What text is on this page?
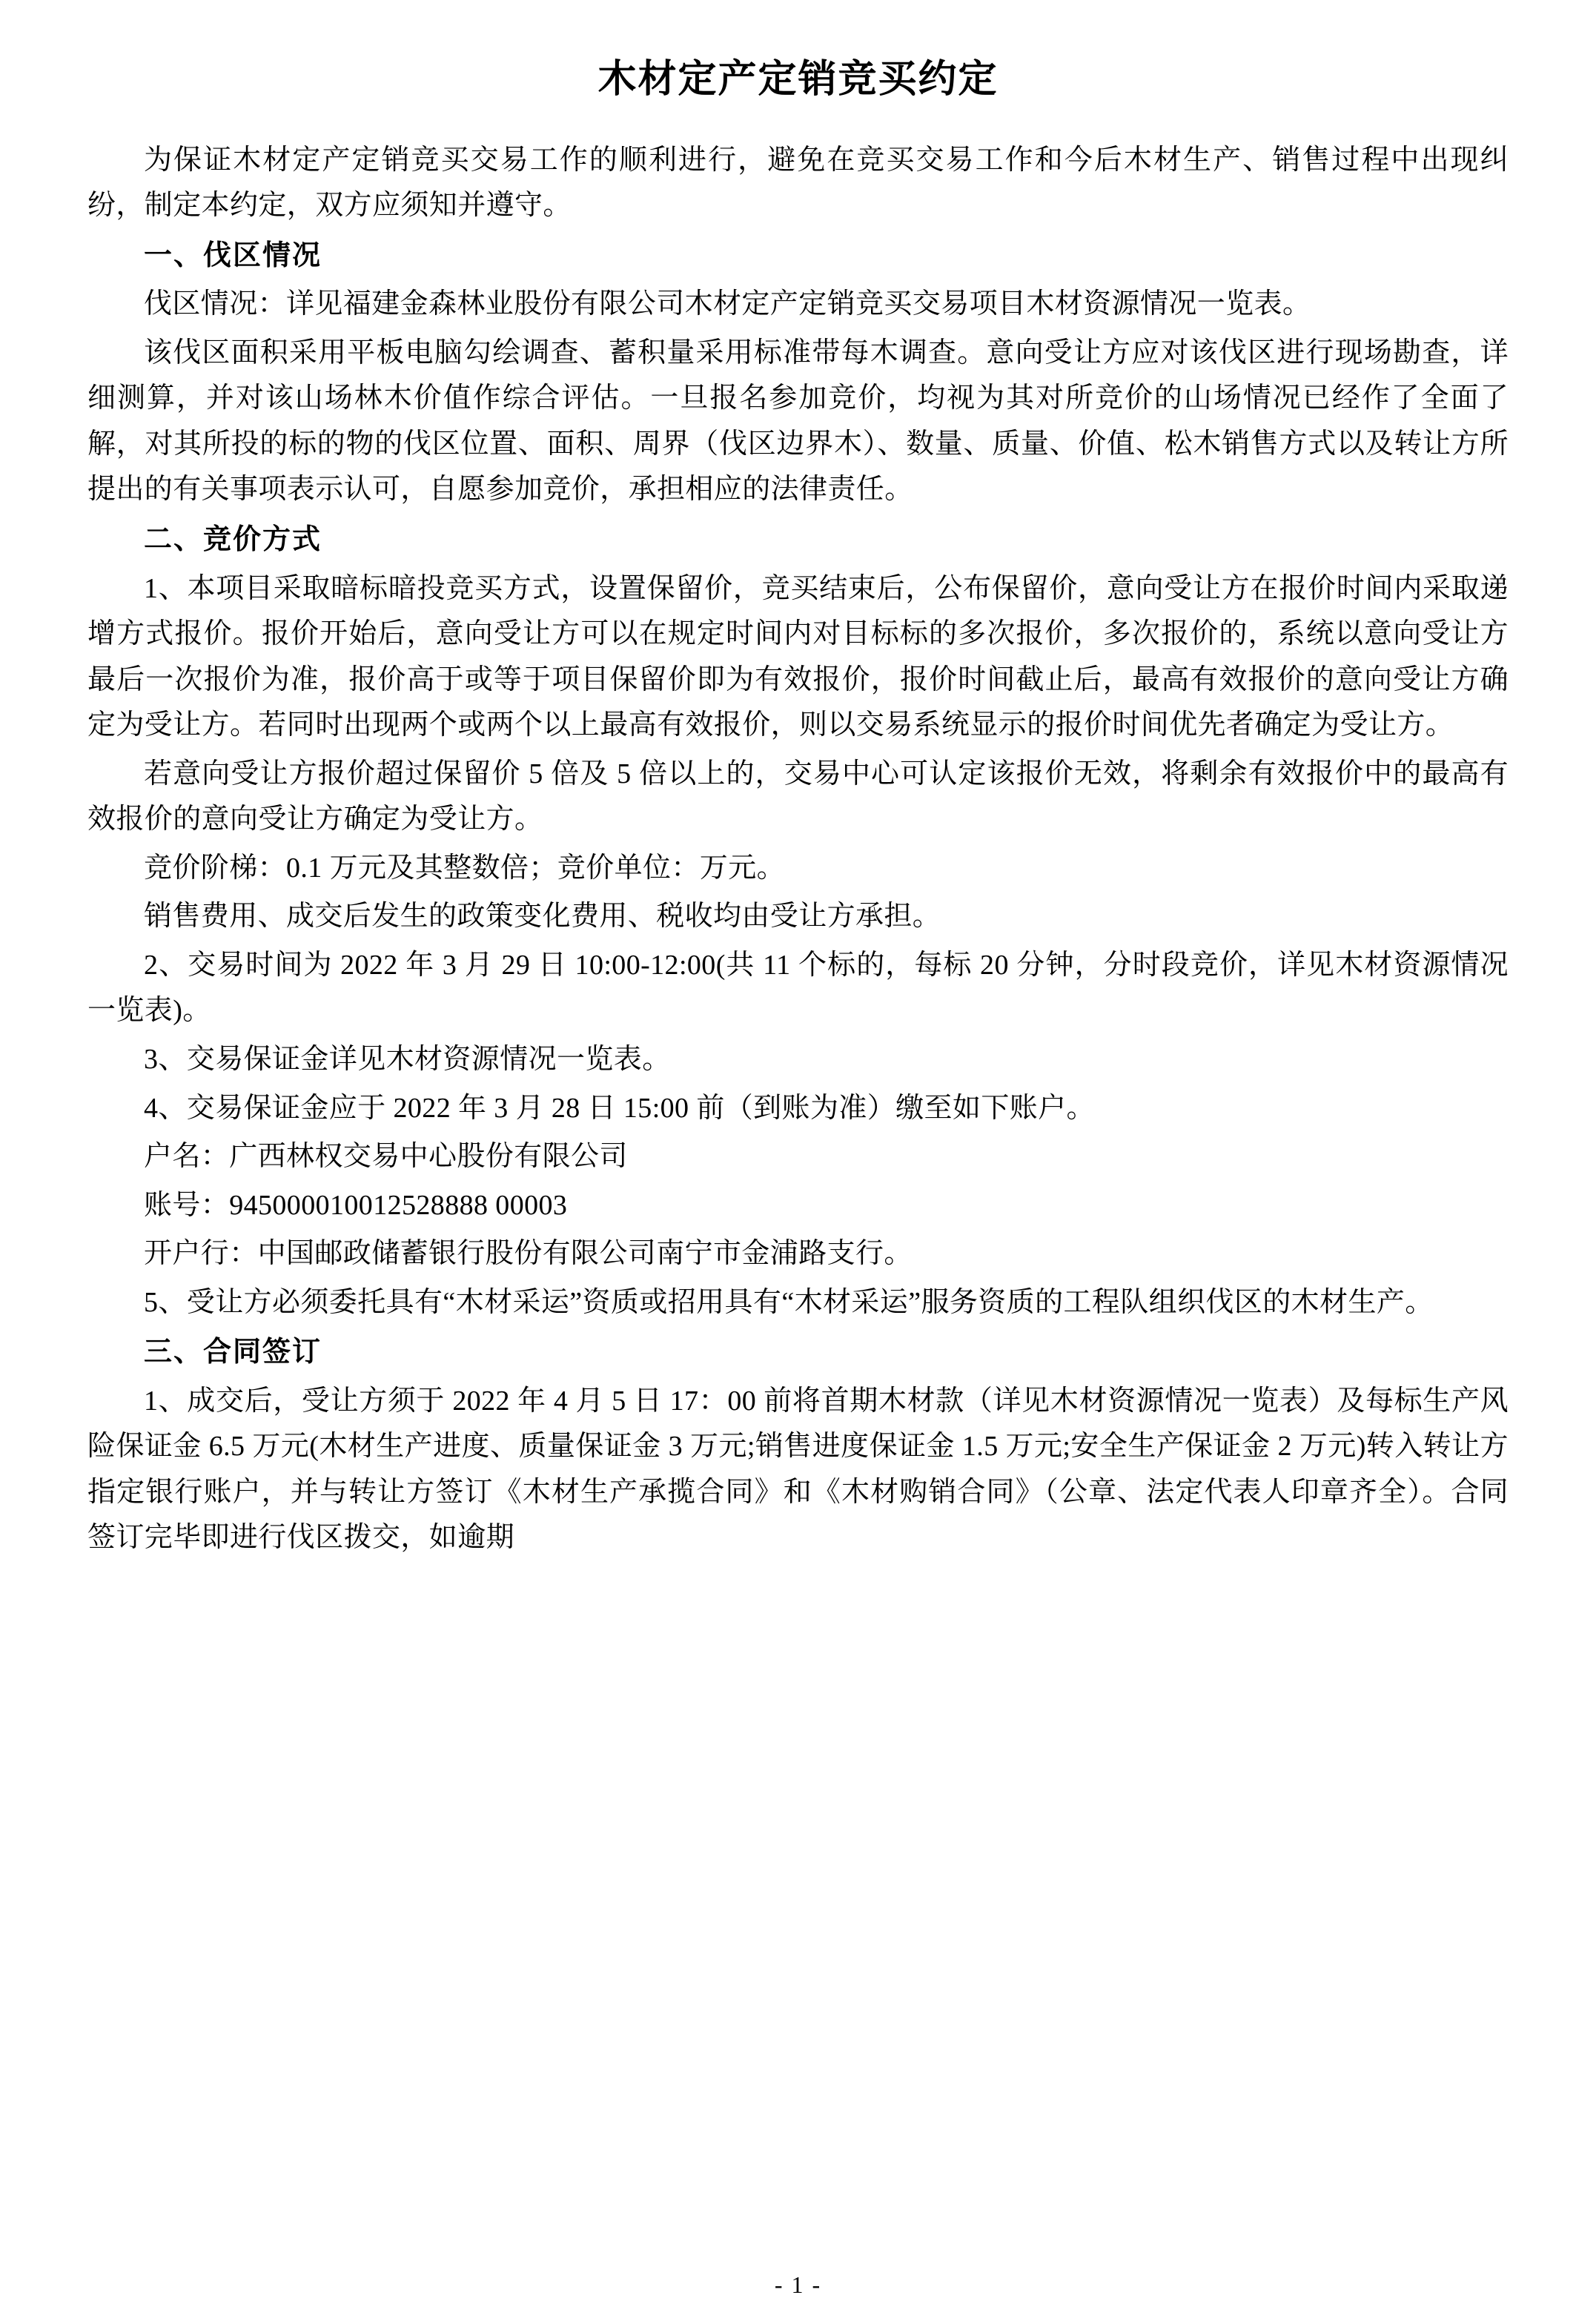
木材定产定销竞买约定

为保证木材定产定销竞买交易工作的顺利进行，避免在竞买交易工作和今后木材生产、销售过程中出现纠纷，制定本约定，双方应须知并遵守。

一、伐区情况

伐区情况：详见福建金森林业股份有限公司木材定产定销竞买交易项目木材资源情况一览表。

该伐区面积采用平板电脑勾绘调查、蓄积量采用标准带每木调查。意向受让方应对该伐区进行现场勘查，详细测算，并对该山场林木价值作综合评估。一旦报名参加竞价，均视为其对所竞价的山场情况已经作了全面了解，对其所投的标的物的伐区位置、面积、周界（伐区边界木）、数量、质量、价值、松木销售方式以及转让方所提出的有关事项表示认可，自愿参加竞价，承担相应的法律责任。

二、竞价方式

1、本项目采取暗标暗投竞买方式，设置保留价，竞买结束后，公布保留价，意向受让方在报价时间内采取递增方式报价。报价开始后，意向受让方可以在规定时间内对目标标的多次报价，多次报价的，系统以意向受让方最后一次报价为准，报价高于或等于项目保留价即为有效报价，报价时间截止后，最高有效报价的意向受让方确定为受让方。若同时出现两个或两个以上最高有效报价，则以交易系统显示的报价时间优先者确定为受让方。

若意向受让方报价超过保留价 5 倍及 5 倍以上的，交易中心可认定该报价无效，将剩余有效报价中的最高有效报价的意向受让方确定为受让方。

竞价阶梯：0.1 万元及其整数倍；竞价单位：万元。

销售费用、成交后发生的政策变化费用、税收均由受让方承担。

2、交易时间为 2022 年 3 月 29 日 10:00-12:00(共 11 个标的，每标 20 分钟，分时段竞价，详见木材资源情况一览表)。

3、交易保证金详见木材资源情况一览表。

4、交易保证金应于 2022 年 3 月 28 日 15:00 前（到账为准）缴至如下账户。

户名：广西林权交易中心股份有限公司

账号：945000010012528888 00003

开户行：中国邮政储蓄银行股份有限公司南宁市金浦路支行。

5、受让方必须委托具有“木材采运”资质或招用具有“木材采运”服务资质的工程队组织伐区的木材生产。

三、合同签订

1、成交后，受让方须于 2022 年 4 月 5 日 17：00 前将首期木材款（详见木材资源情况一览表）及每标生产风险保证金 6.5 万元(木材生产进度、质量保证金 3 万元;销售进度保证金 1.5 万元;安全生产保证金 2 万元)转入转让方指定银行账户，并与转让方签订《木材生产承揽合同》和《木材购销合同》（公章、法定代表人印章齐全）。合同签订完毕即进行伐区拨交，如逾期

- 1 -
